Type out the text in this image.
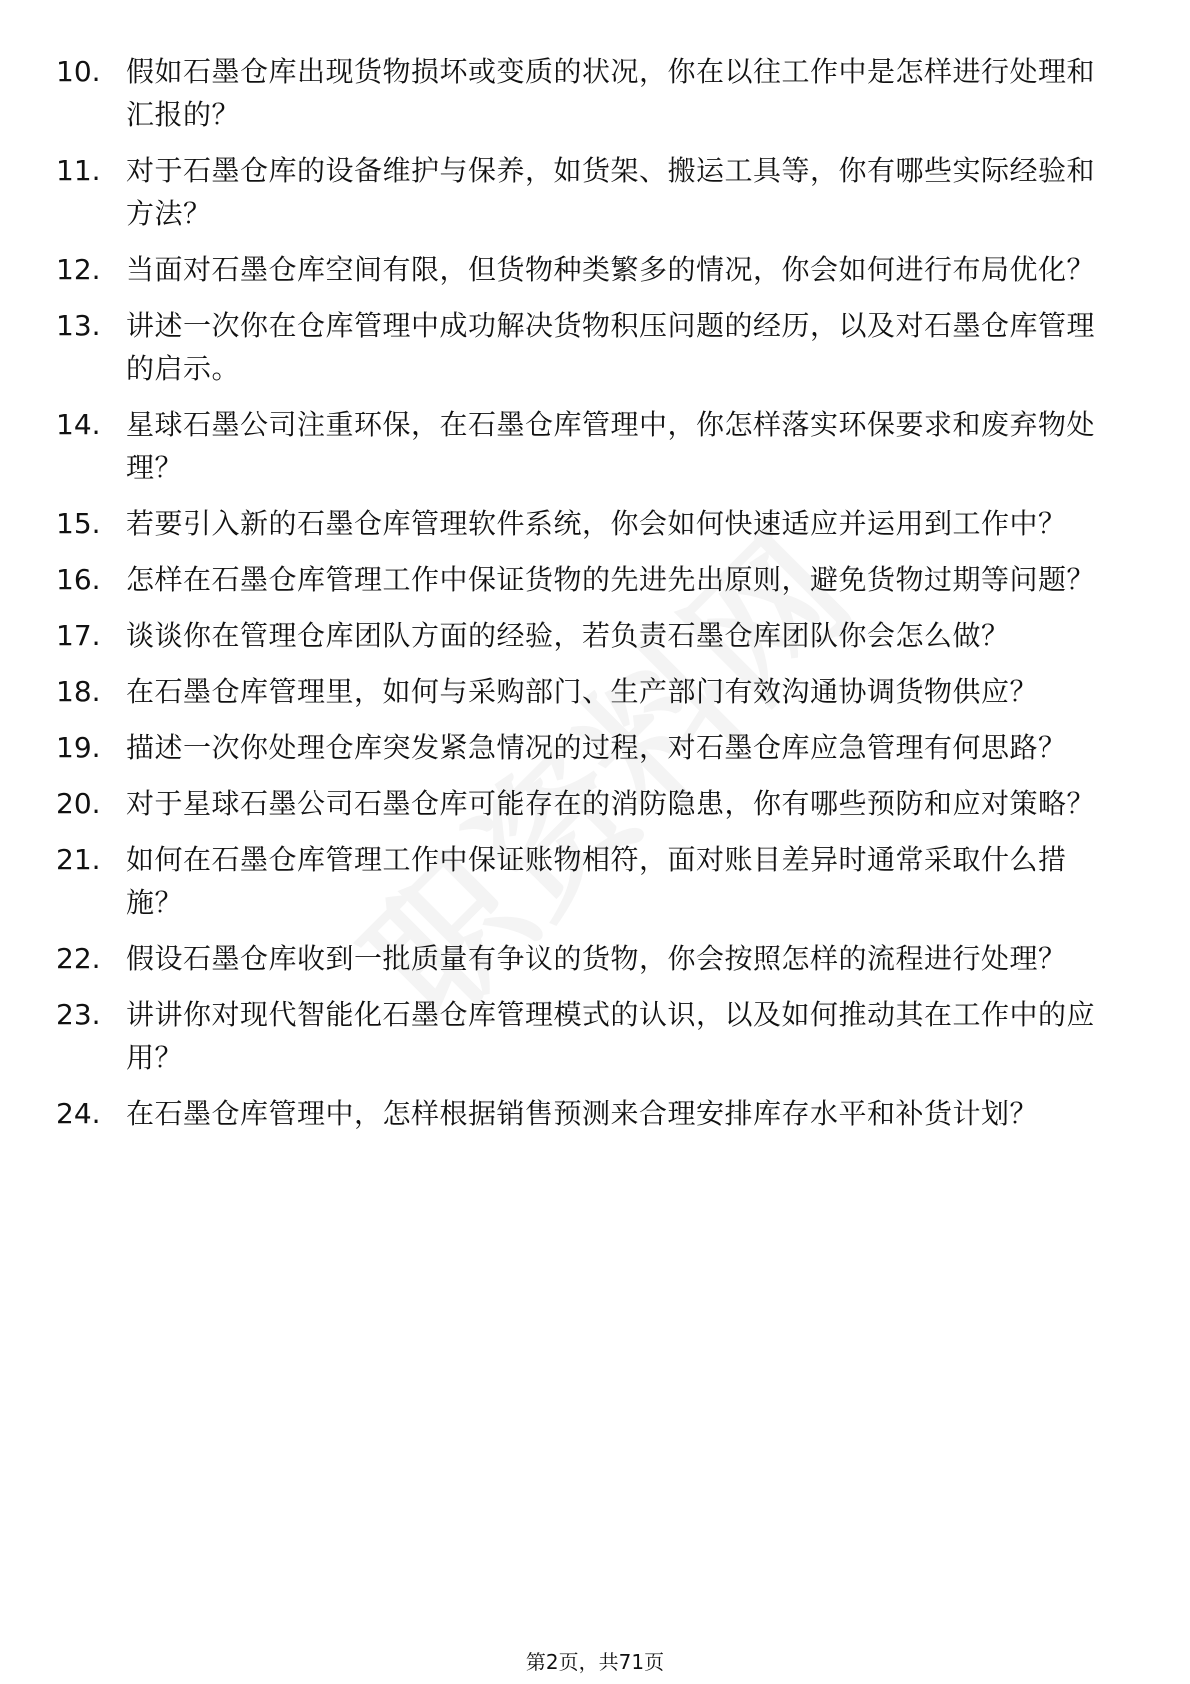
10. 假如石墨仓库出现货物损坏或变质的状况，你在以往工作中是怎样进行处理和汇报的？
11. 对于石墨仓库的设备维护与保养，如货架、搬运工具等，你有哪些实际经验和方法？
12. 当面对石墨仓库空间有限，但货物种类繁多的情况，你会如何进行布局优化？
13. 讲述一次你在仓库管理中成功解决货物积压问题的经历，以及对石墨仓库管理的启示。
14. 星球石墨公司注重环保，在石墨仓库管理中，你怎样落实环保要求和废弃物处理？
15. 若要引入新的石墨仓库管理软件系统，你会如何快速适应并运用到工作中？
16. 怎样在石墨仓库管理工作中保证货物的先进先出原则，避免货物过期等问题？
17. 谈谈你在管理仓库团队方面的经验，若负责石墨仓库团队你会怎么做？
18. 在石墨仓库管理里，如何与采购部门、生产部门有效沟通协调货物供应？
19. 描述一次你处理仓库突发紧急情况的过程，对石墨仓库应急管理有何思路？
20. 对于星球石墨公司石墨仓库可能存在的消防隐患，你有哪些预防和应对策略？
21. 如何在石墨仓库管理工作中保证账物相符，面对账目差异时通常采取什么措施？
22. 假设石墨仓库收到一批质量有争议的货物，你会按照怎样的流程进行处理？
23. 讲讲你对现代智能化石墨仓库管理模式的认识，以及如何推动其在工作中的应用？
24. 在石墨仓库管理中，怎样根据销售预测来合理安排库存水平和补货计划？
第2页，共71页
